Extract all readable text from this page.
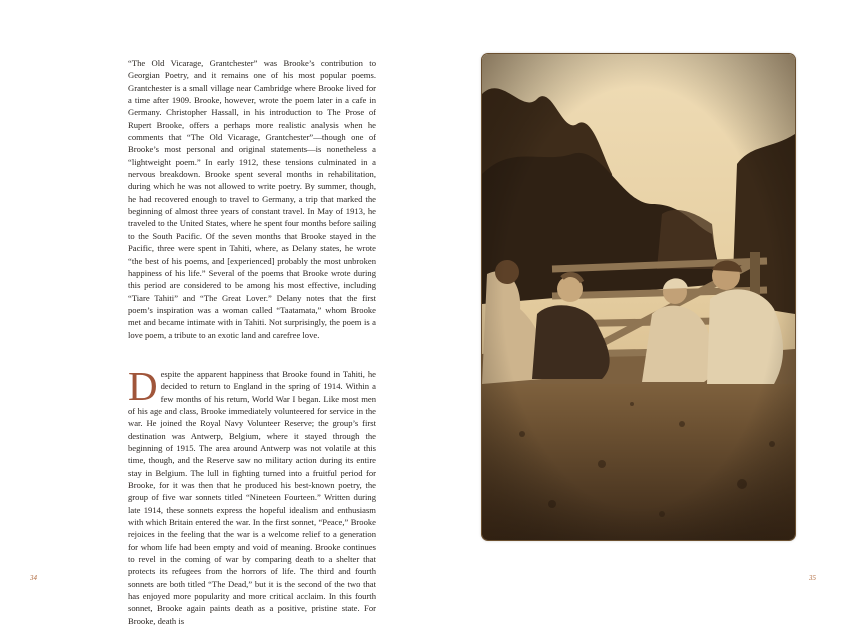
“The Old Vicarage, Grantchester” was Brooke’s contribution to Georgian Poetry, and it remains one of his most popular poems. Grantchester is a small village near Cambridge where Brooke lived for a time after 1909. Brooke, however, wrote the poem later in a cafe in Germany. Christopher Hassall, in his introduction to The Prose of Rupert Brooke, offers a perhaps more realistic analysis when he comments that “The Old Vicarage, Grantchester”—though one of Brooke’s most personal and original statements—is nonetheless a “lightweight poem.” In early 1912, these tensions culminated in a nervous breakdown. Brooke spent several months in rehabilitation, during which he was not allowed to write poetry. By summer, though, he had recovered enough to travel to Germany, a trip that marked the beginning of almost three years of constant travel. In May of 1913, he traveled to the United States, where he spent four months before sailing to the South Pacific. Of the seven months that Brooke stayed in the Pacific, three were spent in Tahiti, where, as Delany states, he wrote “the best of his poems, and [experienced] probably the most unbroken happiness of his life.” Several of the poems that Brooke wrote during this period are considered to be among his most effective, including “Tiare Tahiti” and “The Great Lover.” Delany notes that the first poem’s inspiration was a woman called “Taatamata,” whom Brooke met and became intimate with in Tahiti. Not surprisingly, the poem is a love poem, a tribute to an exotic land and carefree love.

Despite the apparent happiness that Brooke found in Tahiti, he decided to return to England in the spring of 1914. Within a few months of his return, World War I began. Like most men of his age and class, Brooke immediately volunteered for service in the war. He joined the Royal Navy Volunteer Reserve; the group’s first destination was Antwerp, Belgium, where it stayed through the beginning of 1915. The area around Antwerp was not volatile at this time, though, and the Reserve saw no military action during its entire stay in Belgium. The lull in fighting turned into a fruitful period for Brooke, for it was then that he produced his best-known poetry, the group of five war sonnets titled “Nineteen Fourteen.” Written during late 1914, these sonnets express the hopeful idealism and enthusiasm with which Britain entered the war. In the first sonnet, “Peace,” Brooke rejoices in the feeling that the war is a welcome relief to a generation for whom life had been empty and void of meaning. Brooke continues to revel in the coming of war by comparing death to a shelter that protects its refugees from the horrors of life. The third and fourth sonnets are both titled “The Dead,” but it is the second of the two that has enjoyed more popularity and more critical acclaim. In this fourth sonnet, Brooke again paints death as a positive, pristine state. For Brooke, death is

34	35
